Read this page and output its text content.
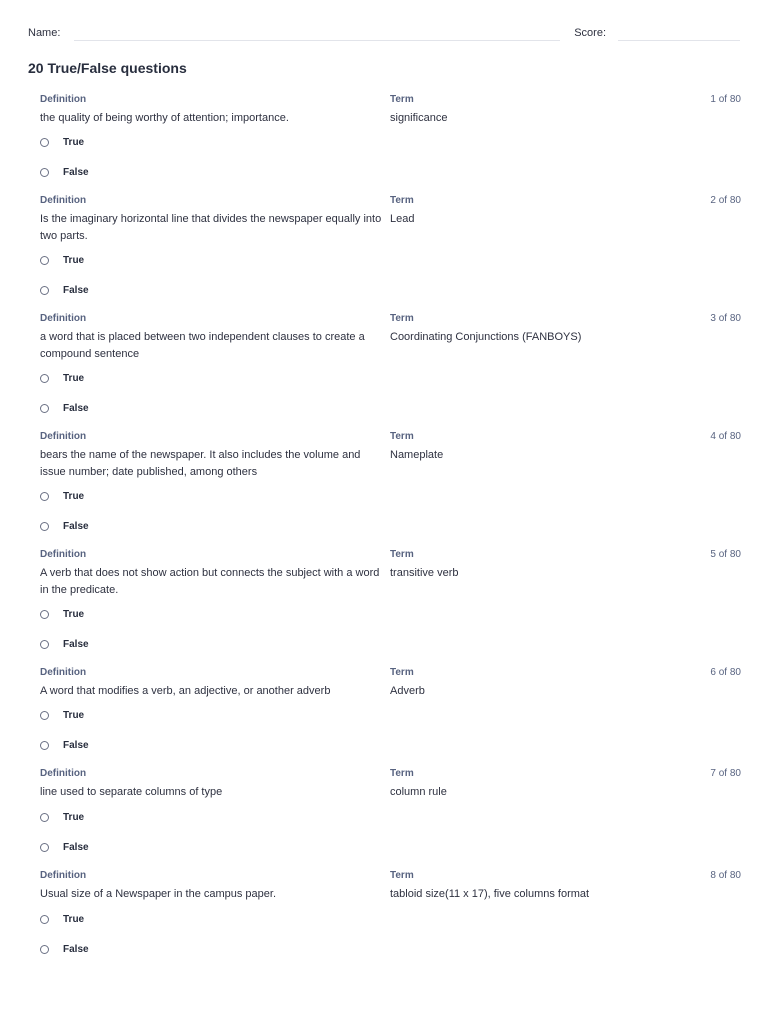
Name:	Score:
20 True/False questions
Definition
the quality of being worthy of attention; importance.
Term
significance
1 of 80
True
False
Definition
Is the imaginary horizontal line that divides the newspaper equally into two parts.
Term
Lead
2 of 80
True
False
Definition
a word that is placed between two independent clauses to create a compound sentence
Term
Coordinating Conjunctions (FANBOYS)
3 of 80
True
False
Definition
bears the name of the newspaper. It also includes the volume and issue number; date published, among others
Term
Nameplate
4 of 80
True
False
Definition
A verb that does not show action but connects the subject with a word in the predicate.
Term
transitive verb
5 of 80
True
False
Definition
A word that modifies a verb, an adjective, or another adverb
Term
Adverb
6 of 80
True
False
Definition
line used to separate columns of type
Term
column rule
7 of 80
True
False
Definition
Usual size of a Newspaper in the campus paper.
Term
tabloid size(11 x 17), five columns format
8 of 80
True
False
